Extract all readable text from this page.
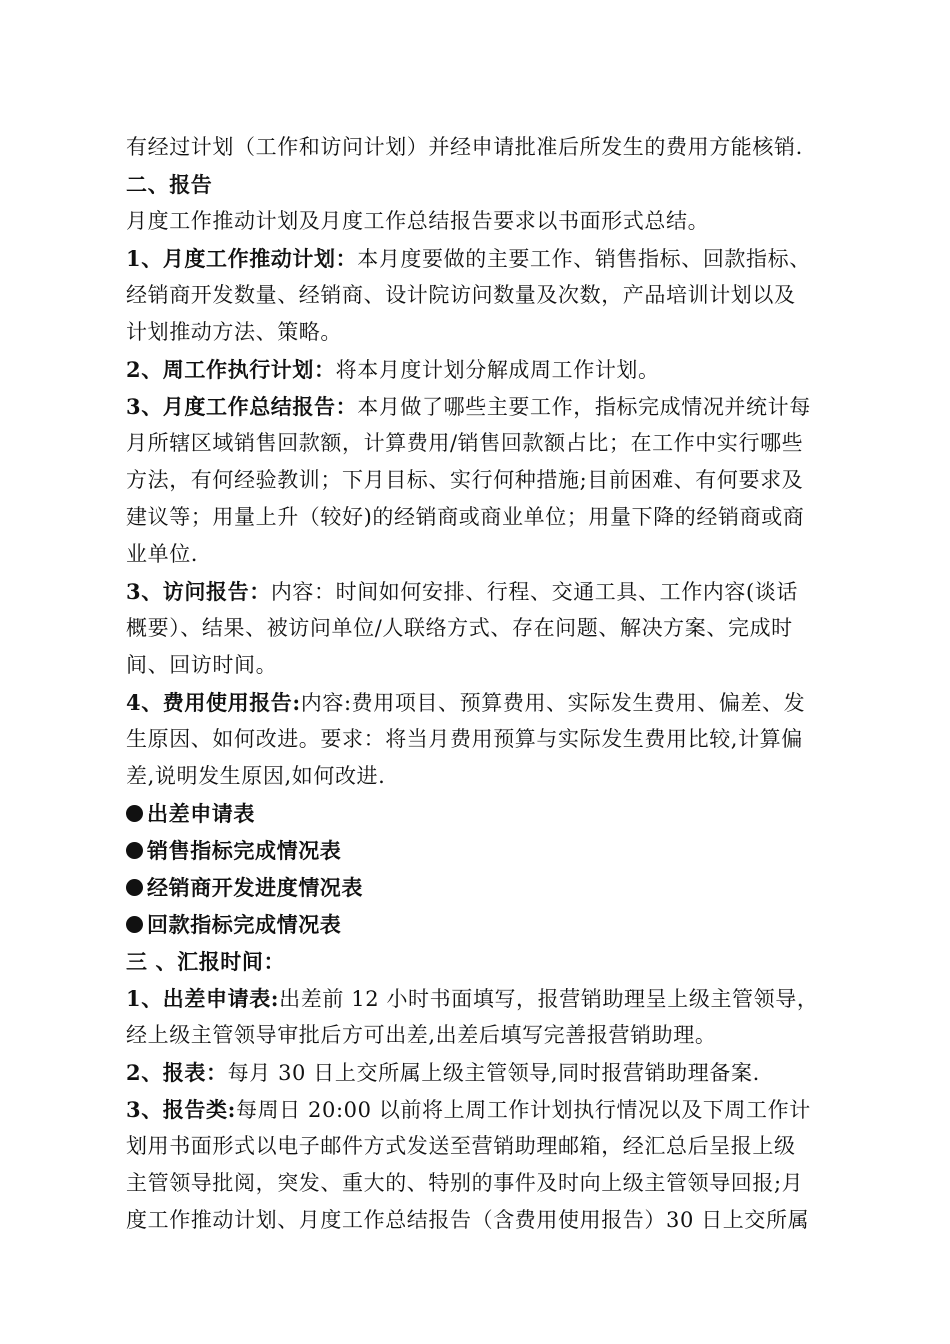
有经过计划（工作和访问计划）并经申请批准后所发生的费用方能核销.
二、报告
月度工作推动计划及月度工作总结报告要求以书面形式总结。
1、月度工作推动计划：本月度要做的主要工作、销售指标、回款指标、
经销商开发数量、经销商、设计院访问数量及次数，产品培训计划以及
计划推动方法、策略。
2、周工作执行计划：将本月度计划分解成周工作计划。
3、月度工作总结报告：本月做了哪些主要工作，指标完成情况并统计每
月所辖区域销售回款额，计算费用/销售回款额占比；在工作中实行哪些
方法，有何经验教训；下月目标、实行何种措施;目前困难、有何要求及
建议等；用量上升（较好)的经销商或商业单位；用量下降的经销商或商
业单位.
3、访问报告：内容：时间如何安排、行程、交通工具、工作内容(谈话
概要）、结果、被访问单位/人联络方式、存在问题、解决方案、完成时
间、回访时间。
4、费用使用报告:内容:费用项目、预算费用、实际发生费用、偏差、发
生原因、如何改进。要求：将当月费用预算与实际发生费用比较,计算偏
差,说明发生原因,如何改进.
出差申请表
销售指标完成情况表
经销商开发进度情况表
回款指标完成情况表
三 、汇报时间：
1、出差申请表:出差前 12 小时书面填写，报营销助理呈上级主管领导，
经上级主管领导审批后方可出差,出差后填写完善报营销助理。
2、报表：每月 30 日上交所属上级主管领导,同时报营销助理备案.
3、报告类:每周日 20:00 以前将上周工作计划执行情况以及下周工作计
划用书面形式以电子邮件方式发送至营销助理邮箱，经汇总后呈报上级
主管领导批阅，突发、重大的、特别的事件及时向上级主管领导回报;月
度工作推动计划、月度工作总结报告（含费用使用报告）30 日上交所属
